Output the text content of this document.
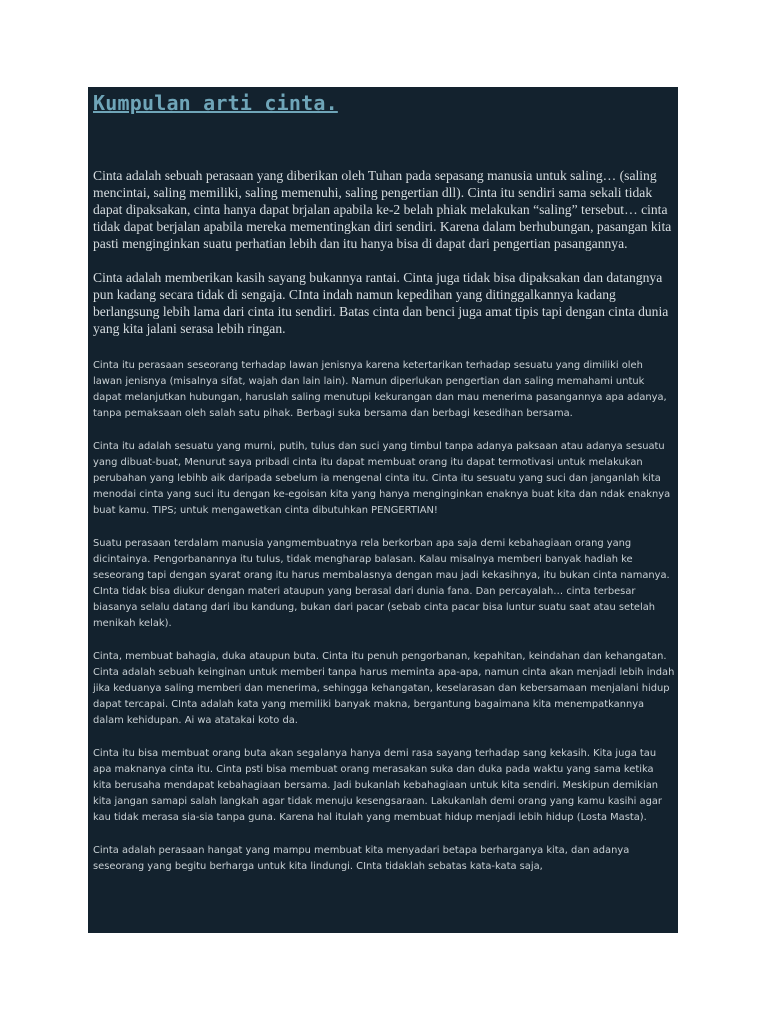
Kumpulan arti cinta.

Cinta adalah sebuah perasaan yang diberikan oleh Tuhan pada sepasang manusia untuk saling… (saling mencintai, saling memiliki, saling memenuhi, saling pengertian dll). Cinta itu sendiri sama sekali tidak dapat dipaksakan, cinta hanya dapat brjalan apabila ke-2 belah phiak melakukan “saling” tersebut… cinta tidak dapat berjalan apabila mereka mementingkan diri sendiri. Karena dalam berhubungan, pasangan kita pasti menginginkan suatu perhatian lebih dan itu hanya bisa di dapat dari pengertian pasangannya.

Cinta adalah memberikan kasih sayang bukannya rantai. Cinta juga tidak bisa dipaksakan dan datangnya pun kadang secara tidak di sengaja. CInta indah namun kepedihan yang ditinggalkannya kadang berlangsung lebih lama dari cinta itu sendiri. Batas cinta dan benci juga amat tipis tapi dengan cinta dunia yang kita jalani serasa lebih ringan.

Cinta itu perasaan seseorang terhadap lawan jenisnya karena ketertarikan terhadap sesuatu yang dimiliki oleh lawan jenisnya (misalnya sifat, wajah dan lain lain). Namun diperlukan pengertian dan saling memahami untuk dapat melanjutkan hubungan, haruslah saling menutupi kekurangan dan mau menerima pasangannya apa adanya, tanpa pemaksaan oleh salah satu pihak. Berbagi suka bersama dan berbagi kesedihan bersama.

Cinta itu adalah sesuatu yang murni, putih, tulus dan suci yang timbul tanpa adanya paksaan atau adanya sesuatu yang dibuat-buat, Menurut saya pribadi cinta itu dapat membuat orang itu dapat termotivasi untuk melakukan perubahan yang lebihb aik daripada sebelum ia mengenal cinta itu. Cinta itu sesuatu yang suci dan janganlah kita menodai cinta yang suci itu dengan ke-egoisan kita yang hanya menginginkan enaknya buat kita dan ndak enaknya buat kamu. TIPS; untuk mengawetkan cinta dibutuhkan PENGERTIAN!

Suatu perasaan terdalam manusia yangmembuatnya rela berkorban apa saja demi kebahagiaan orang yang dicintainya. Pengorbanannya itu tulus, tidak mengharap balasan. Kalau misalnya memberi banyak hadiah ke seseorang tapi dengan syarat orang itu harus membalasnya dengan mau jadi kekasihnya, itu bukan cinta namanya. CInta tidak bisa diukur dengan materi ataupun yang berasal dari dunia fana. Dan percayalah… cinta terbesar biasanya selalu datang dari ibu kandung, bukan dari pacar (sebab cinta pacar bisa luntur suatu saat atau setelah menikah kelak).

Cinta, membuat bahagia, duka ataupun buta. Cinta itu penuh pengorbanan, kepahitan, keindahan dan kehangatan. Cinta adalah sebuah keinginan untuk memberi tanpa harus meminta apa-apa, namun cinta akan menjadi lebih indah jika keduanya saling memberi dan menerima, sehingga kehangatan, keselarasan dan kebersamaan menjalani hidup dapat tercapai. CInta adalah kata yang memiliki banyak makna, bergantung bagaimana kita menempatkannya dalam kehidupan. Ai wa atatakai koto da.

Cinta itu bisa membuat orang buta akan segalanya hanya demi rasa sayang terhadap sang kekasih. Kita juga tau apa maknanya cinta itu. Cinta psti bisa membuat orang merasakan suka dan duka pada waktu yang sama ketika kita berusaha mendapat kebahagiaan bersama. Jadi bukanlah kebahagiaan untuk kita sendiri. Meskipun demikian kita jangan samapi salah langkah agar tidak menuju kesengsaraan. Lakukanlah demi orang yang kamu kasihi agar kau tidak merasa sia-sia tanpa guna. Karena hal itulah yang membuat hidup menjadi lebih hidup (Losta Masta).

Cinta adalah perasaan hangat yang mampu membuat kita menyadari betapa berharganya kita, dan adanya seseorang yang begitu berharga untuk kita lindungi. CInta tidaklah sebatas kata-kata saja,
